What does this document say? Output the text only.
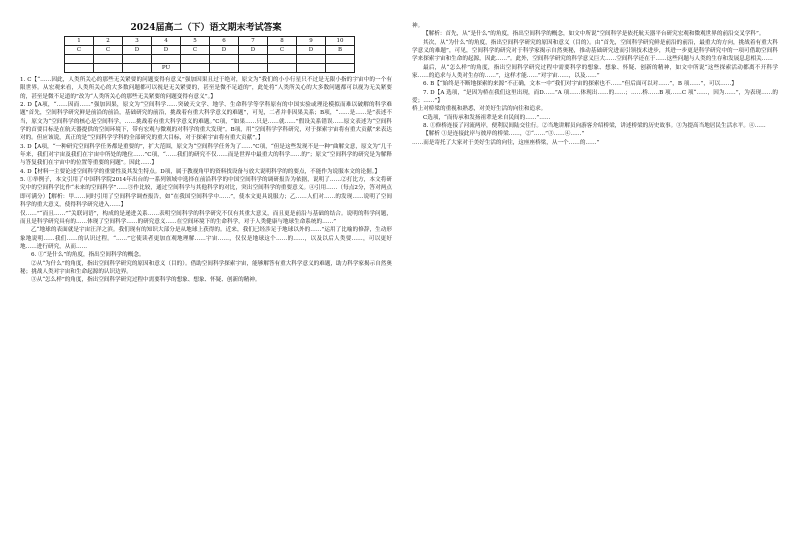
2024届高二（下）语文期末考试答案
1	2	3	4	5	6	7	8	9	10
C	C	D	D	C	D	D	C	D	B

			PU						

1. C【“……因此，人类所关心的那些无关紧要的问题变得有意义”强加因果且过于绝对，原文为“我们的小小行星只不过是无限小指的宇宙中的一个有限世界。从宏观来看，人类所关心的大多数问题都可以视是无关紧要的，甚至是微不足道的”，此处将“人类所关心的大多数问题都可以视为无关紧要的，甚至是微不足道的”改为“人类所关心的那些无关紧要的问题变得有意义”。】

2. D【A项，“……因而……”强加因果，原文为“空间科学……突破天文学、地学、生命科学等学科原有的中国实验或理论模拟而难以破解的科学难题”首先，空间科学研究鲜是前沿的前沿，基础研究的前沿，挑战着有重大科学意义的难题”，可见，二者并非因果关系；B项，“……是……是”表述不当，原文为“空间科学的核心是空间科学，……挑战着有重大科学意义的难题。”C项，“如果……只是……就……”假设关系错误……原文表述为“空间科学的首要目标是在航天器提供的空间环境下，带有宏观与微观的对科学的重大发现”。B项，用“空间科学学科研究，对于探索宇宙将有重大贡献”来表达对的。但应该说，真正的是“空间科学学科的全部研究的重大目标，对于探索宇宙将有重大贡献”。】

3. D【A项，“一种研究空间科学任务都是重要的”，扩大范围，原文为“空间科学任务为了……”C项，“但是这些发现不是一种”曲解文意，原文为“几千年来，我们对宇宙及我们在宇宙中所处的地位……”C项，“……我们的研究不仅……而是世界中最重大的科学……的”；原文“空间科学的研究是为解释与答复我们在宇宙中的位置等重要的问题”。因此……】

4. D【材料一主要论述空间科学的重要性及其发生特点。D项，属于教视角甲的资料找设备与放大说明科学的的要点，不能作为说服本文的论据。】

5. ①举例子，本文引用了中国科学院2014年出台的一系列领域中选择在前沿科学的中国空间科学的调研报告为依据，说明了……②打比方，本文将研究中的空间科学比作“未来的空间科学”……③作比较，通过空间科学与其他科学的对比，突出空间科学的重要意义。④引用……（每点2分，答对两点即可满分）【解析：甲……同时引用了空间科学调查报告，如“在我国空间科学中……”，使本文更具说服力；乙……人们对……的发现……说明了空间科学的重大意义，使得科学研究进入……】

仅……”“而且……”“关联词语”，构成的是递进关系……表明空间科学的科学研究不仅有其重大意义，而且更是前沿与基础的结合。说明的科学问题，而且是科学研究具有的……体现了空间科学……的研究意义……在空间环境下的生命科学，对于人类健康与地球生命系统的……”

乙“地球的表面就是宇宙汪洋之滨。我们现有的知识大部分是从地球上获得的。近来，我们已经涉足于地球以外的……”运用了比喻的修辞，生动形象地说明……我们……的认识过程。“……”它使读者更加直观地理解……宇宙……，仅仅是地球这个……的……，以及以后人类要……，可以更好地……进行研究，从而……

6. ①“是什么”的角度，指出空间科学的概念。

②从“为什么”的角度，指出空间科学研究的原因和意义（目的）。借助空间科学探索宇宙，能够解答有重大科学意义的难题，助力科学家揭示自然奥秘；挑战人类对宇宙和生命起源的认识边界。

③从“怎么样”的角度，指出空间科学研究过程中需要科学的想象、想象、怀疑、创新的精神。

神。

【解析：首先，从“是什么”的角度，指出空间科学的概念，如文中所说“空间科学是依托航天器平台研究宏观和微观世界的前沿交叉学科”。

其次，从“为什么”的角度，指出空间科学研究的原因和意义（目的）。由“首先，空间科学研究鲜是前沿的前沿，最重大的方向，挑战着有重大科学意义的难题”，可见，空间科学的研究对于科学家揭示自然奥秘，推动基础研究进而引领技术进步，其进一步更是科学研究中的一项可借助空间科学来探索宇宙和生命的起源，因此……”。此外，空间科学研究的科学意义巨大……空间科学还在于……这些问题与人类的生存和发展息息相关……

最后，从“怎么样”的角度，指出空间科学研究过程中需要科学的想象、想象、怀疑、创新的精神，如文中所说“这些探索活动都离不开科学家……的追求与人类对生存的……”，这样才能……”对宇宙……，以及……”

6. B【“始终是不断地探索的来源”不正确，文本一中“我们对宇宙的探索也不……”但后面可以对……”，B 项……”，可以……】

7. D【A 选项，“是因为桥在我们这里出现，而D……”A 项……体现出……的……；……桥……B 项……C 项“……，因为……”，为表现……的爱；……”】

桥上对桥梁的重视和熟悉，对美好生活的向往和追求。

C选项，“而传承和发扬祖辈是来自民间的……”……

8. ①修桥连接了河流两岸，便利民间陆交往行。②当地讲解员向游客介绍桥梁，讲述桥梁的历史故事。③为提高当地居民生活水平。④……

【解析 ①是连接此岸与彼岸的桥梁……，②“……”③……④……”

……而是寄托了大家对于美好生活的向往，这座座桥梁，从一个……的……”
